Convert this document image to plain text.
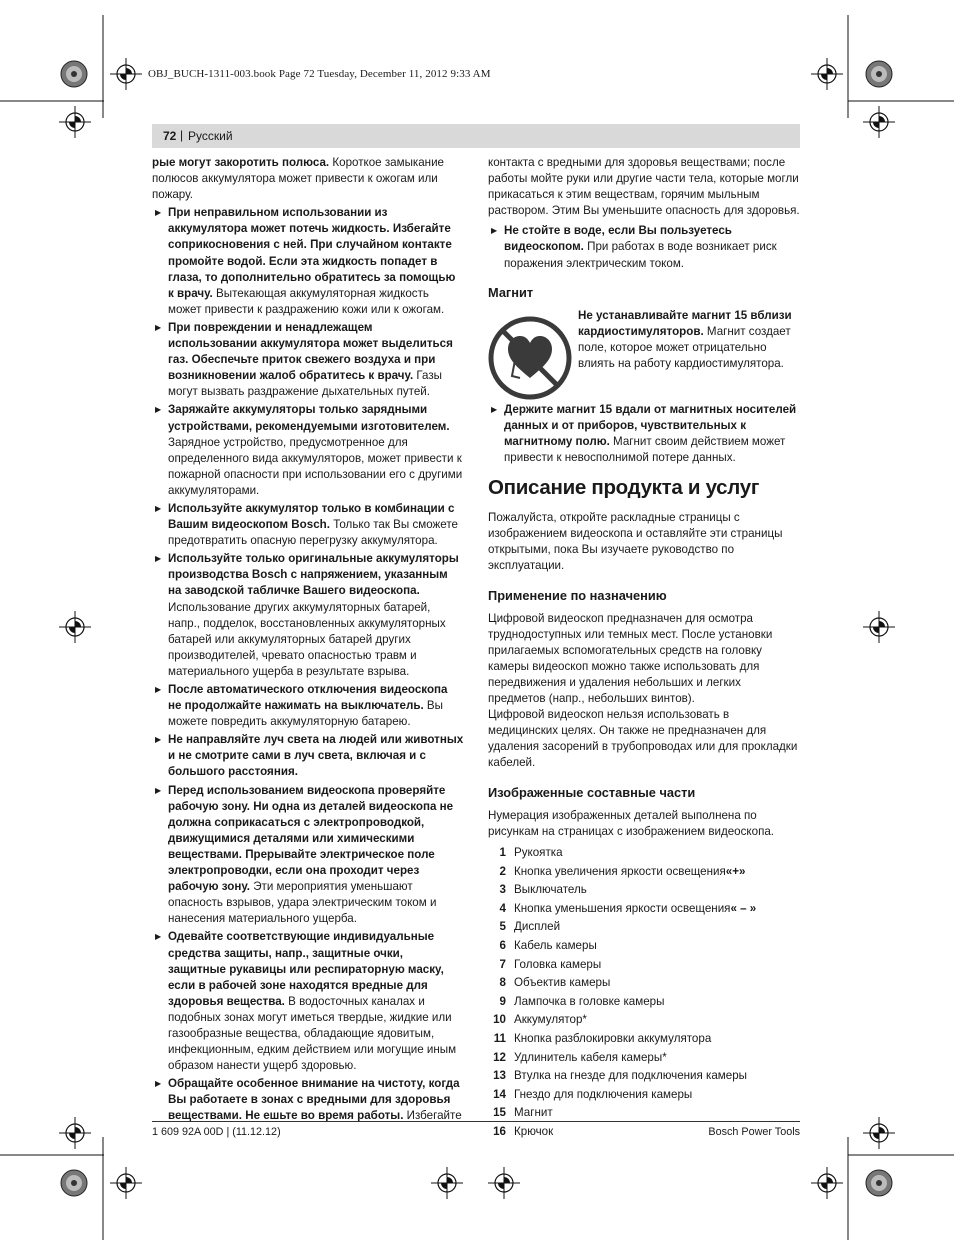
OBJ_BUCH-1311-003.book Page 72 Tuesday, December 11, 2012 9:33 AM
72 | Русский

рые могут закоротить полюса. Короткое замыкание полюсов аккумулятора может привести к ожогам или пожару.

▶ При неправильном использовании из аккумулятора может потечь жидкость. Избегайте соприкосновения с ней. При случайном контакте промойте водой. Если эта жидкость попадет в глаза, то дополнительно обратитесь за помощью к врачу. Вытекающая аккумуляторная жидкость может привести к раздражению кожи или к ожогам.
▶ При повреждении и ненадлежащем использовании аккумулятора может выделиться газ. Обеспечьте приток свежего воздуха и при возникновении жалоб обратитесь к врачу. Газы могут вызвать раздражение дыхательных путей.
▶ Заряжайте аккумуляторы только зарядными устройствами, рекомендуемыми изготовителем. Зарядное устройство, предусмотренное для определенного вида аккумуляторов, может привести к пожарной опасности при использовании его с другими аккумуляторами.
▶ Используйте аккумулятор только в комбинации с Вашим видеоскопом Bosch. Только так Вы сможете предотвратить опасную перегрузку аккумулятора.
▶ Используйте только оригинальные аккумуляторы производства Bosch с напряжением, указанным на заводской табличке Вашего видеоскопа. Использование других аккумуляторных батарей, напр., подделок, восстановленных аккумуляторных батарей или аккумуляторных батарей других производителей, чревато опасностью травм и материального ущерба в результате взрыва.
▶ После автоматического отключения видеоскопа не продолжайте нажимать на выключатель. Вы можете повредить аккумуляторную батарею.
▶ Не направляйте луч света на людей или животных и не смотрите сами в луч света, включая и с большого расстояния.
▶ Перед использованием видеоскопа проверяйте рабочую зону. Ни одна из деталей видеоскопа не должна соприкасаться с электропроводкой, движущимися деталями или химическими веществами. Прерывайте электрическое поле электропроводки, если она проходит через рабочую зону. Эти мероприятия уменьшают опасность взрывов, удара электрическим током и нанесения материального ущерба.
▶ Одевайте соответствующие индивидуальные средства защиты, напр., защитные очки, защитные рукавицы или респираторную маску, если в рабочей зоне находятся вредные для здоровья вещества. В водосточных каналах и подобных зонах могут иметься твердые, жидкие или газообразные вещества, обладающие ядовитым, инфекционным, едким действием или могущие иным образом нанести ущерб здоровью.
▶ Обращайте особенное внимание на чистоту, когда Вы работаете в зонах с вредными для здоровья веществами. Не ешьте во время работы. Избегайте

контакта с вредными для здоровья веществами; после работы мойте руки или другие части тела, которые могли прикасаться к этим веществам, горячим мыльным раствором. Этим Вы уменьшите опасность для здоровья.

▶ Не стойте в воде, если Вы пользуетесь видеоскопом. При работах в воде возникает риск поражения электрическим током.
Магнит
Не устанавливайте магнит 15 вблизи кардиостимуляторов. Магнит создает поле, которое может отрицательно влиять на работу кардиостимулятора.
▶ Держите магнит 15 вдали от магнитных носителей данных и от приборов, чувствительных к магнитному полю. Магнит своим действием может привести к невосполнимой потере данных.
Описание продукта и услуг

Пожалуйста, откройте раскладные страницы с изображением видеоскопа и оставляйте эти страницы открытыми, пока Вы изучаете руководство по эксплуатации.

Применение по назначению

Цифровой видеоскоп предназначен для осмотра труднодоступных или темных мест. После установки прилагаемых вспомогательных средств на головку камеры видеоскоп можно также использовать для передвижения и удаления небольших и легких предметов (напр., небольших винтов).

Цифровой видеоскоп нельзя использовать в медицинских целях. Он также не предназначен для удаления засорений в трубопроводах или для прокладки кабелей.

Изображенные составные части

Нумерация изображенных деталей выполнена по рисункам на страницах с изображением видеоскопа.

1 Рукоятка
2 Кнопка увеличения яркости освещения «+»
3 Выключатель
4 Кнопка уменьшения яркости освещения « – »
5 Дисплей
6 Кабель камеры
7 Головка камеры
8 Объектив камеры
9 Лампочка в головке камеры
10 Аккумулятор*
11 Кнопка разблокировки аккумулятора
12 Удлинитель кабеля камеры*
13 Втулка на гнезде для подключения камеры
14 Гнездо для подключения камеры
15 Магнит
16 Крючок
1 609 92A 00D | (11.12.12)	Bosch Power Tools
